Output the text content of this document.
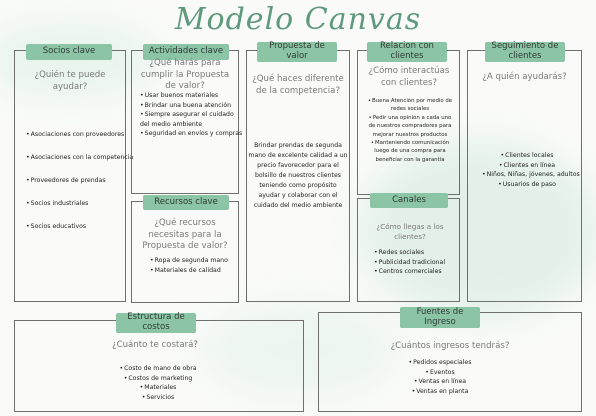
Modelo Canvas
Socios clave
¿Quién te puede ayudar?
• Asociaciones con proveedores
• Asociaciones con la competencia
• Proveedores de prendas
• Socios industriales
• Socios educativos
Actividades clave
¿Qué harás para cumplir la Propuesta de valor?
• Usar buenos materiales
• Brindar una buena atención
• Siempre asegurar el cuidado del medio ambiente
• Seguridad en envíos y compras
Recursos clave
¿Qué recursos necesitas para la Propuesta de valor?
• Ropa de segunda mano
• Materiales de calidad
Propuesta de valor
¿Qué haces diferente de la competencia?
Brindar prendas de segunda mano de excelente calidad a un precio favorecedor para el bolsillo de nuestros clientes teniendo como propósito ayudar y colaborar con el cuidado del medio ambiente
Relacion con clientes
¿Cómo interactúas con clientes?
• Buena Atención por medio de redes sociales
• Pedir una opinión a cada uno de nuestros compradores para mejorar nuestros productos
• Manteniendo comunicación luego de una compra para beneficiar con la garantía
Canales
¿Cómo llegas a los clientes?
• Redes sociales
• Publicidad tradicional
• Centros comerciales
Seguimiento de clientes
¿A quién ayudarás?
• Clientes locales
• Clientes en línea
• Niños, Niñas, jóvenes, adultos
• Usuarios de paso
Estructura de costos
¿Cuánto te costará?
• Costo de mano de obra
• Costos de marketing
• Materiales
• Servicios
Fuentes de Ingreso
¿Cuántos ingresos tendrás?
• Pedidos especiales
• Eventos
• Ventas en línea
• Ventas en planta
